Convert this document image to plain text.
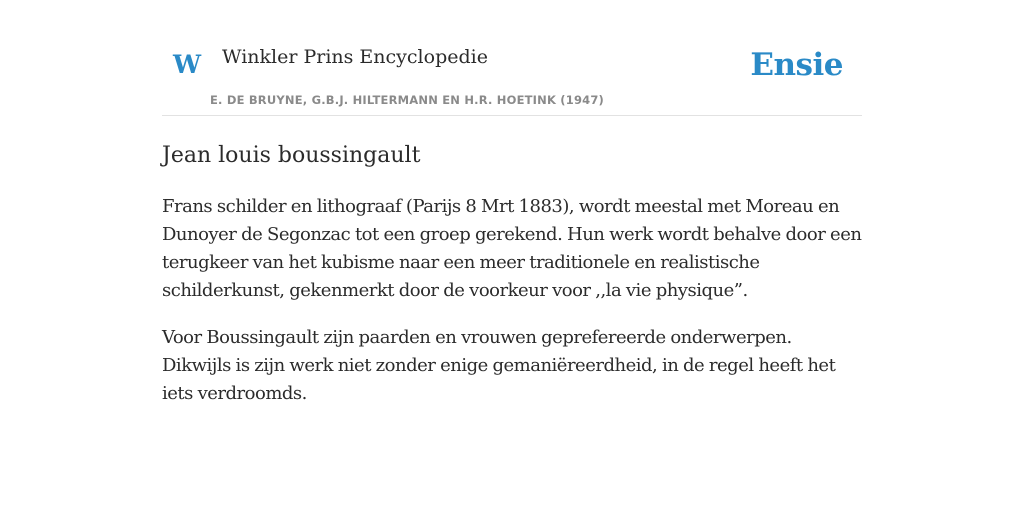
W Winkler Prins Encyclopedie
E. DE BRUYNE, G.B.J. HILTERMANN EN H.R. HOETINK (1947)
Ensie
Jean louis boussingault

Frans schilder en lithograaf (Parijs 8 Mrt 1883), wordt meestal met Moreau en Dunoyer de Segonzac tot een groep gerekend. Hun werk wordt behalve door een terugkeer van het kubisme naar een meer traditionele en realistische schilderkunst, gekenmerkt door de voorkeur voor ,,la vie physique”.

Voor Boussingault zijn paarden en vrouwen geprefereerde onderwerpen. Dikwijls is zijn werk niet zonder enige gemaniëreerdheid, in de regel heeft het iets verdroomds.
